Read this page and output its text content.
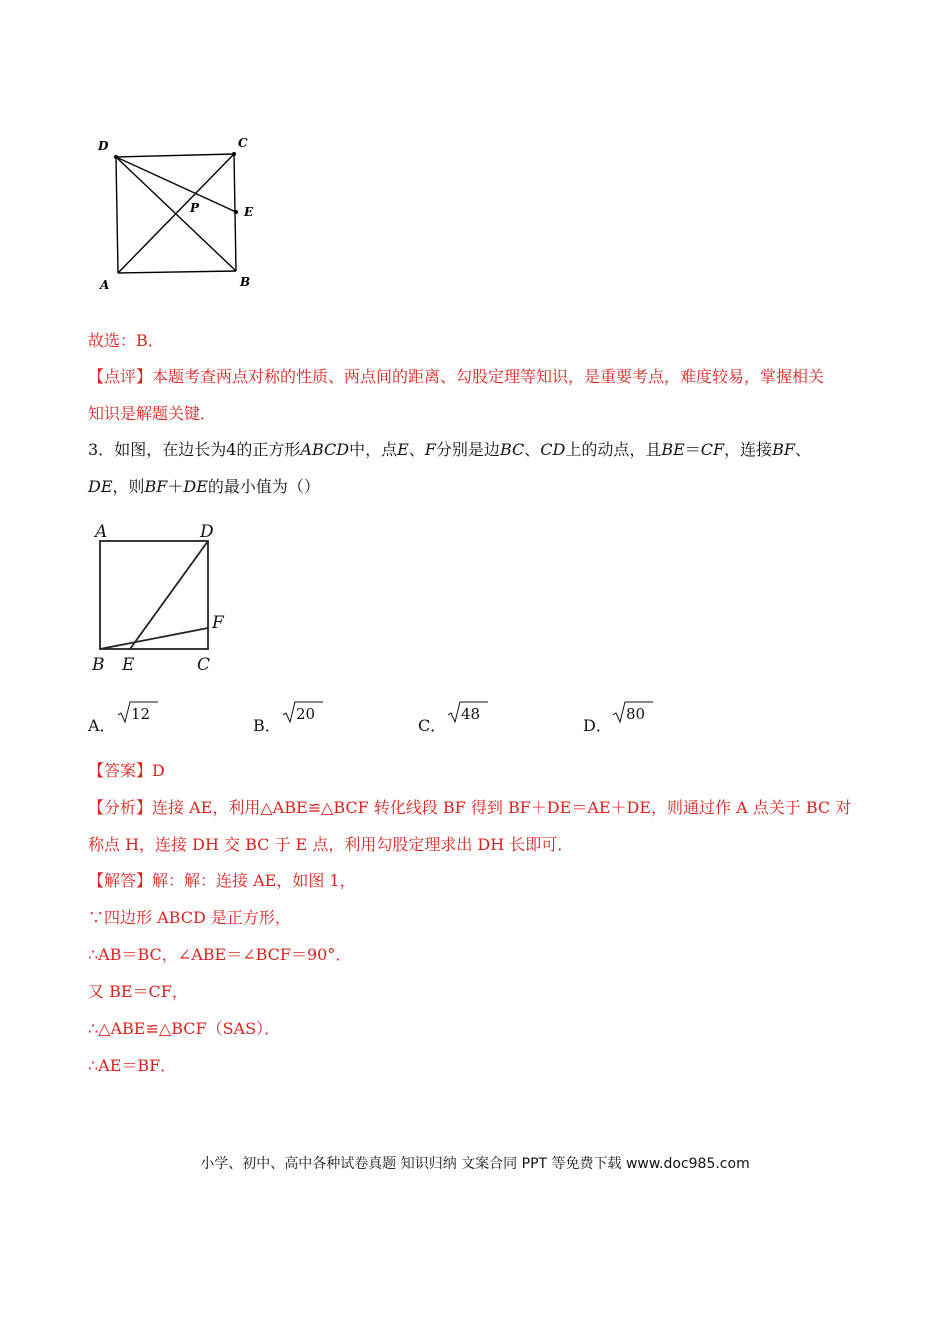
D	C
P	E
A	B
故选：B．
【点评】本题考查两点对称的性质、两点间的距离、勾股定理等知识，是重要考点，难度较易，掌握相关
知识是解题关键．
3．如图，在边长为4的正方形ABCD中，点E、F分别是边BC、CD上的动点，且BE＝CF，连接BF、
DE，则BF＋DE的最小值为（）
A	D
F
B E	C
A．
12
B．
20
C．
48
D．
80
【答案】D
【分析】连接 AE，利用△ABE≌△BCF 转化线段 BF 得到 BF＋DE＝AE＋DE，则通过作 A 点关于 BC 对
称点 H，连接 DH 交 BC 于 E 点，利用勾股定理求出 DH 长即可．
【解答】解：解：连接 AE，如图 1，
∵四边形 ABCD 是正方形，
∴AB＝BC，∠ABE＝∠BCF＝90°．
又 BE＝CF，
∴△ABE≌△BCF（SAS）．
∴AE＝BF．
小学、初中、高中各种试卷真题 知识归纳 文案合同 PPT 等免费下载 www.doc985.com
